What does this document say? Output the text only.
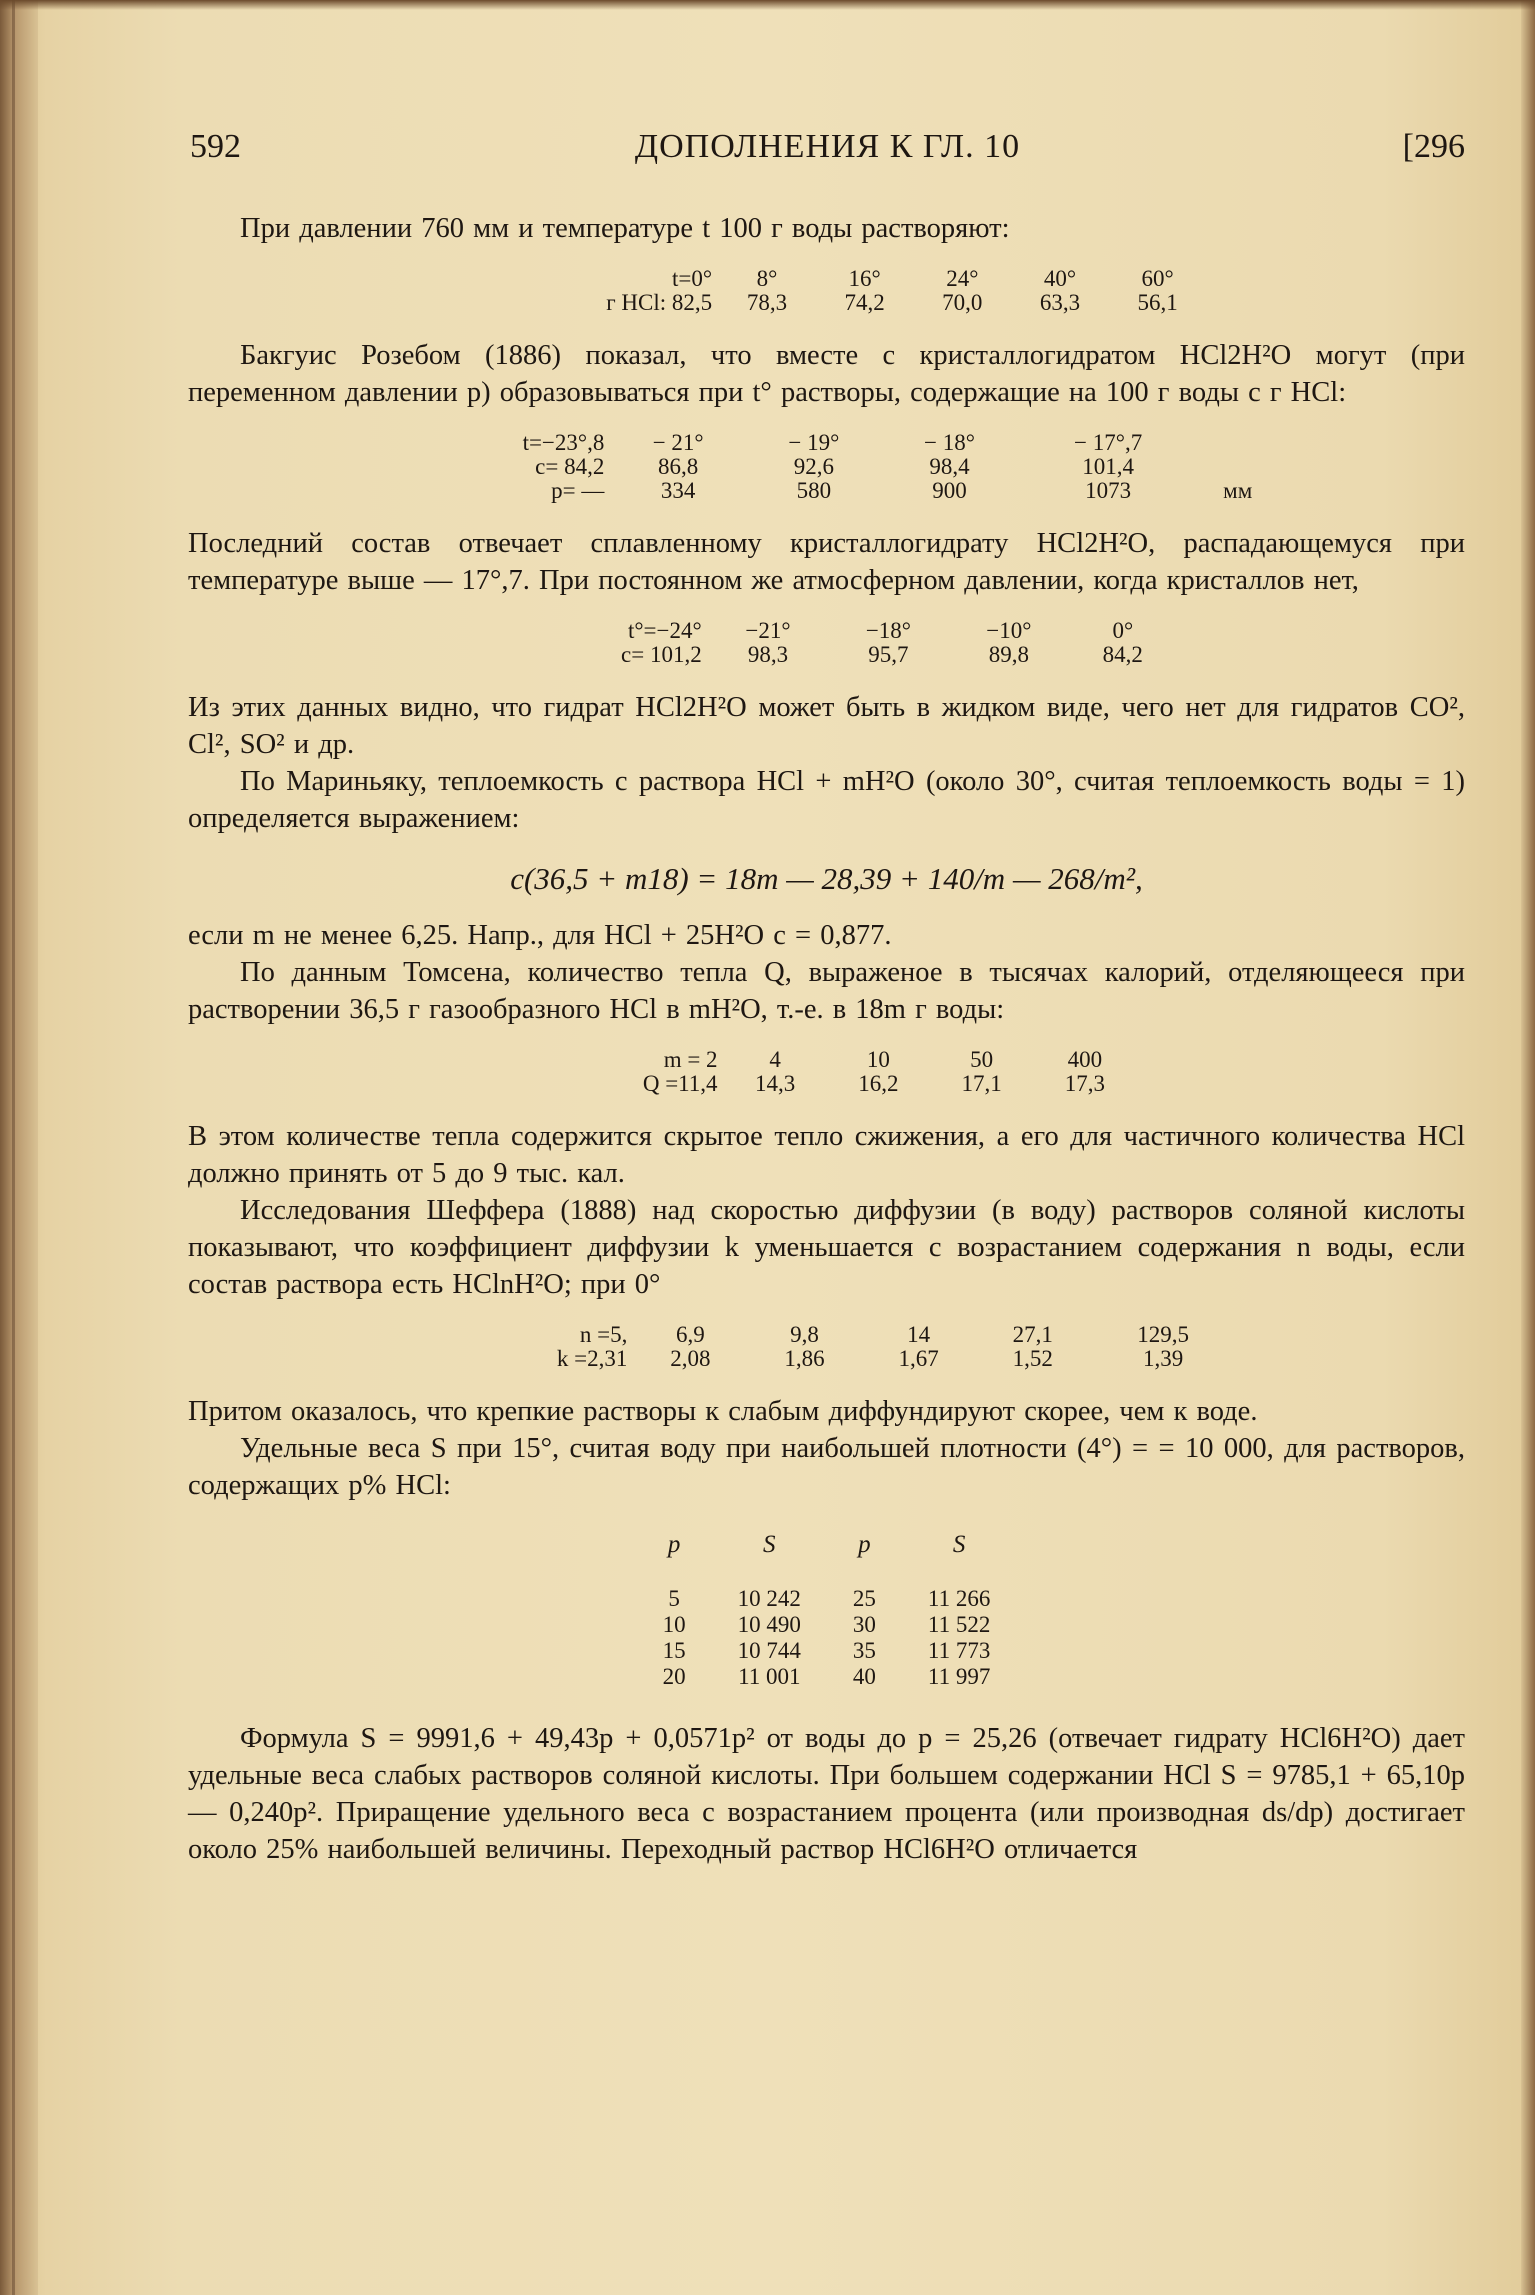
ДОПОЛНЕНИЯ К ГЛ. 10
592	[296

При давлении 760 мм и температуре t 100 г воды растворяют:

t=0°	8°	16°	24°	40°	60°
г HCl: 82,5	78,3	74,2	70,0	63,3	56,1

Бакгуис Розебом (1886) показал, что вместе с кристаллогидратом HCl2H²O могут (при переменном давлении p) образовываться при t° растворы, содержащие на 100 г воды c г HCl:

t=−23°,8	− 21°	− 19°	− 18°	− 17°,7	
c= 84,2	86,8	92,6	98,4	101,4	
p= —	334	580	900	1073	мм

Последний состав отвечает сплавленному кристаллогидрату HCl2H²O, распадающемуся при температуре выше — 17°,7. При постоянном же атмосферном давлении, когда кристаллов нет,

t°=−24°	−21°	−18°	−10°	0°
c= 101,2	98,3	95,7	89,8	84,2

Из этих данных видно, что гидрат HCl2H²O может быть в жидком виде, чего нет для гидратов CO², Cl², SO² и др.

По Мариньяку, теплоемкость c раствора HCl + mH²O (около 30°, считая теплоемкость воды = 1) определяется выражением:

c(36,5 + m18) = 18m — 28,39 + 140/m — 268/m²,

если m не менее 6,25. Напр., для HCl + 25H²O c = 0,877.

По данным Томсена, количество тепла Q, выраженое в тысячах калорий, отделяющееся при растворении 36,5 г газообразного HCl в mH²O, т.-е. в 18m г воды:

m = 2	4	10	50	400
Q =11,4	14,3	16,2	17,1	17,3

В этом количестве тепла содержится скрытое тепло сжижения, а его для частичного количества HCl должно принять от 5 до 9 тыс. кал.

Исследования Шеффера (1888) над скоростью диффузии (в воду) растворов соляной кислоты показывают, что коэффициент диффузии k уменьшается с возрастанием содержания n воды, если состав раствора есть HClnH²O; при 0°

n =5,	6,9	9,8	14	27,1	129,5
k =2,31	2,08	1,86	1,67	1,52	1,39

Притом оказалось, что крепкие растворы к слабым диффундируют скорее, чем к воде.

Удельные веса S при 15°, считая воду при наибольшей плотности (4°) = = 10 000, для растворов, содержащих p% HCl:

p	S	p	S
5	10 242	25	11 266
10	10 490	30	11 522
15	10 744	35	11 773
20	11 001	40	11 997

Формула S = 9991,6 + 49,43p + 0,0571p² от воды до p = 25,26 (отвечает гидрату HCl6H²O) дает удельные веса слабых растворов соляной кислоты. При большем содержании HCl S = 9785,1 + 65,10p — 0,240p². Приращение удельного веса с возрастанием процента (или производная ds/dp) достигает около 25% наибольшей величины. Переходный раствор HCl6H²O отличается
